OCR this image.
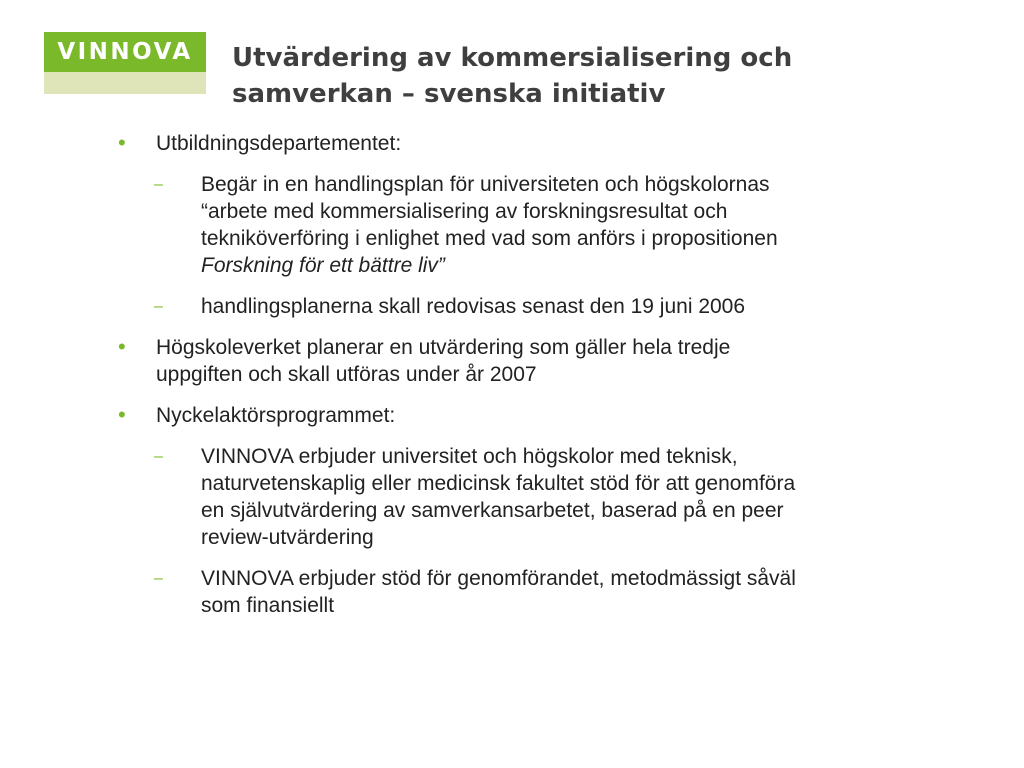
VINNOVA	Utvärdering av kommersialisering och
samverkan – svenska initiativ
• Utbildningsdepartementet:
– Begär in en handlingsplan för universiteten och högskolornas
“arbete med kommersialisering av forskningsresultat och
tekniköverföring i enlighet med vad som anförs i propositionen
Forskning för ett bättre liv”
– handlingsplanerna skall redovisas senast den 19 juni 2006
• Högskoleverket planerar en utvärdering som gäller hela tredje
uppgiften och skall utföras under år 2007
• Nyckelaktörsprogrammet:
– VINNOVA erbjuder universitet och högskolor med teknisk,
naturvetenskaplig eller medicinsk fakultet stöd för att genomföra
en självutvärdering av samverkansarbetet, baserad på en peer
review-utvärdering
– VINNOVA erbjuder stöd för genomförandet, metodmässigt såväl
som finansiellt
